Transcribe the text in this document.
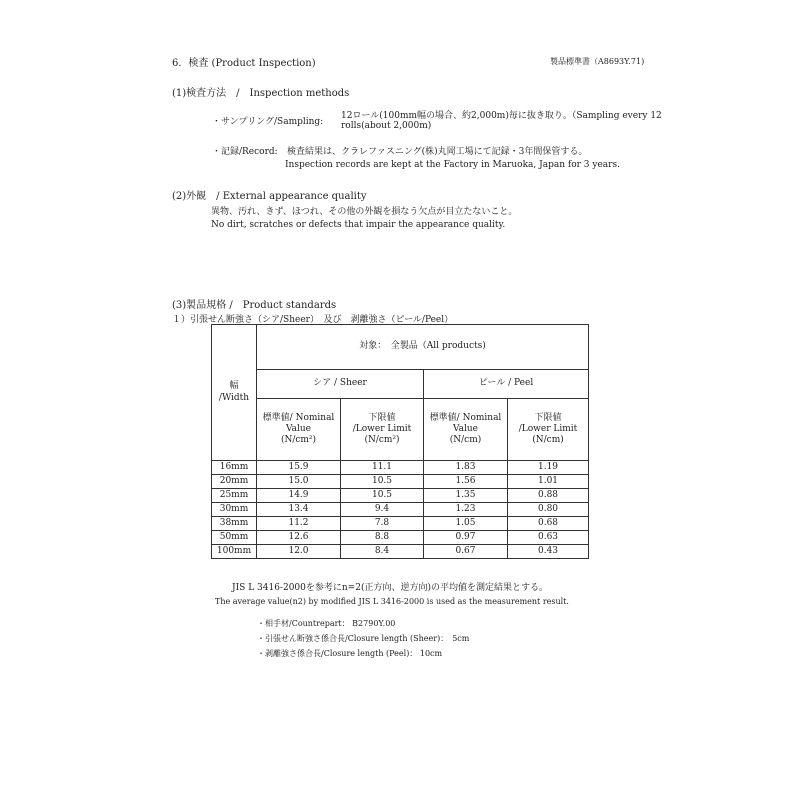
6．検査 (Product Inspection)	製品標準書（A8693Y.71)
(1)検査方法　/　Inspection methods
・サンプリング/Sampling:
12ロール(100mm幅の場合、約2,000m)毎に抜き取り。（Sampling every 12
rolls(about 2,000m)
・記録/Record: 検査結果は、クラレファスニング(株)丸岡工場にて記録・3年間保管する。
Inspection records are kept at the Factory in Maruoka, Japan for 3 years.
(2)外観　/ External appearance quality
異物、汚れ、きず、ほつれ、その他の外観を損なう欠点が目立たないこと。
No dirt, scratches or defects that impair the appearance quality.
(3)製品規格 /　Product standards
１）引張せん断強さ（シア/Sheer）　及び　剥離強さ（ピール/Peel）
幅
/Width	対象：　全製品（All products)			
	シア / Sheer		ピール / Peel	

	標準値/ Nominal
Value
(N/cm²)	下限値
/Lower Limit
(N/cm²)	標準値/ Nominal
Value
(N/cm)	下限値
/Lower Limit
(N/cm)

16mm	15.9	11.1	1.83	1.19
20mm	15.0	10.5	1.56	1.01
25mm	14.9	10.5	1.35	0.88
30mm	13.4	9.4	1.23	0.80
38mm	11.2	7.8	1.05	0.68
50mm	12.6	8.8	0.97	0.63
100mm	12.0	8.4	0.67	0.43
JIS L 3416-2000を参考にn=2(正方向、逆方向)の平均値を測定結果とする。
The average value(n2) by modified JIS L 3416-2000 is used as the measurement result.
・相手材/Countrepart： B2790Y.00
・引張せん断強さ係合長/Closure length (Sheer)：　5cm
・剥離強さ係合長/Closure length (Peel)： 10cm
